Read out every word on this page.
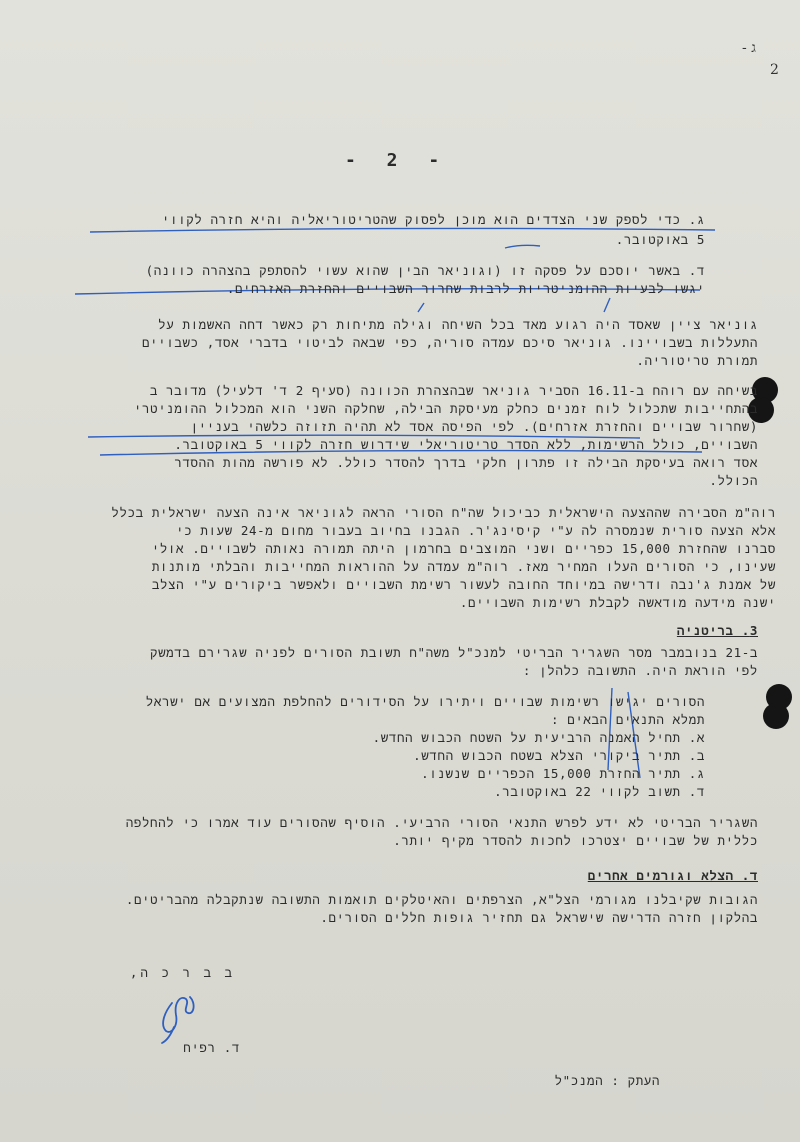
- ג
2
- 2 -
ג. כדי לספק שני הצדדים הוא מוכן לפסוק שהטריטוריאליה והיא חזרה לקווי
5 באוקטובר.
ד. באשר יוסכם על פסקה זו (וגוניאר הבין שהוא עשוי להסתפק בהצהרה כוונה)
יגשו לבעיות ההומניטריות לרבות שחרור השבויים והחזרת האזרחים.
גוניאר ציין שאסד היה רגוע מאד בכל השיחה וגילה מתיחות רק כאשר דחה האשמות על
התעללות בשבויינו. גוניאר סיכם עמדה סוריה, כפי שבאה לביטוי בדברי אסד, כשבויים
תמורת טריטוריה.
בשיחה עם רוהח ב-16.11 הסביר גוניאר שבהצהרת הכוונה (סעיף 2 ד' דלעיל) מדובר ב
בהתחייבות שתכלול לוח זמנים כחלק מעיסקת הבילה, שחלקה השני הוא המכלול ההומניטרי
(שחרור שבויים והחזרת אזרחים). לפי הפיסה אסד לא תהיה תזוזה כלשהי בעניין
השבויים, כולל הרשימות, ללא הסדר טריטוריאלי שידרוש חזרה לקווי 5 באוקטובר.
אסד רואה בעיסקת הבילה זו פתרון חלקי בדרך להסדר כולל. לא פורשה מהות ההסדר
הכולל.
רוה"מ הסבירה שההצעה הישראלית כביכול שה"ח הסורי הראה לגוניאר אינה הצעה ישראלית בכלל
אלא הצעה סורית שנמסרה לה ע"י קיסינג'ר. הגבנו בחיוב בעבור מחום מ-24 שעות כי
סברנו שהחזרת 15,000 כפריים ושני המוצבים בחרמון היתה תמורה נאותה לשבויים. אולי
שעינו, כי הסורים העלו המחיר מאז. רוה"מ עמדה על ההוראות המחייבות והבלתי מותנות
של אמנת ג'נבה ודרישה במיוחד החובה לעשור רשימת השבויים ולאפשר ביקורים ע"י הצלב
ישנה מידעה מודאשה לקבלת רשימות השבויים.
3. בריטניה
ב-21 בנובמבר מסר השגריר הבריטי למנכ"ל משה"ח תשובת הסורים לפניה שגרירם בדמשק
לפי הוראת היה. התשובה כלהלן :
הסורים יגישו רשימות שבויים ויתירו על הסידורים להחלפת המצועים אם ישראל
תמלא התנאים הבאים :
א. תחיל האמנה הרביעית על השטח הכבוש החדש.
ב. תתיר ביקורי הצלא בשטח הכבוש החדש.
ג. תתיר החזרת 15,000 הכפריים שנשנו.
ד. תשוב לקווי 22 באוקטובר.
השגריר הבריטי לא ידע לפרש התנאי הסורי הרביעי. הוסיף שהסורים עוד אמרו כי להחלפה
כללית של שבויים יצטרכו לחכות להסדר מקיף יותר.
ד. הצלא וגורמים אחרים
הגובות שקיבלנו מגורמי הצל"א, הצרפתים והאיטלקים תואמות התשובה שנתקבלה מהבריטים.
בהלקון חזרה הדרישה שישראל גם תחזיר גופות חללים הסורים.
ב ב ר כ ה,
ד. רפיח
העתק : המנכ"ל
